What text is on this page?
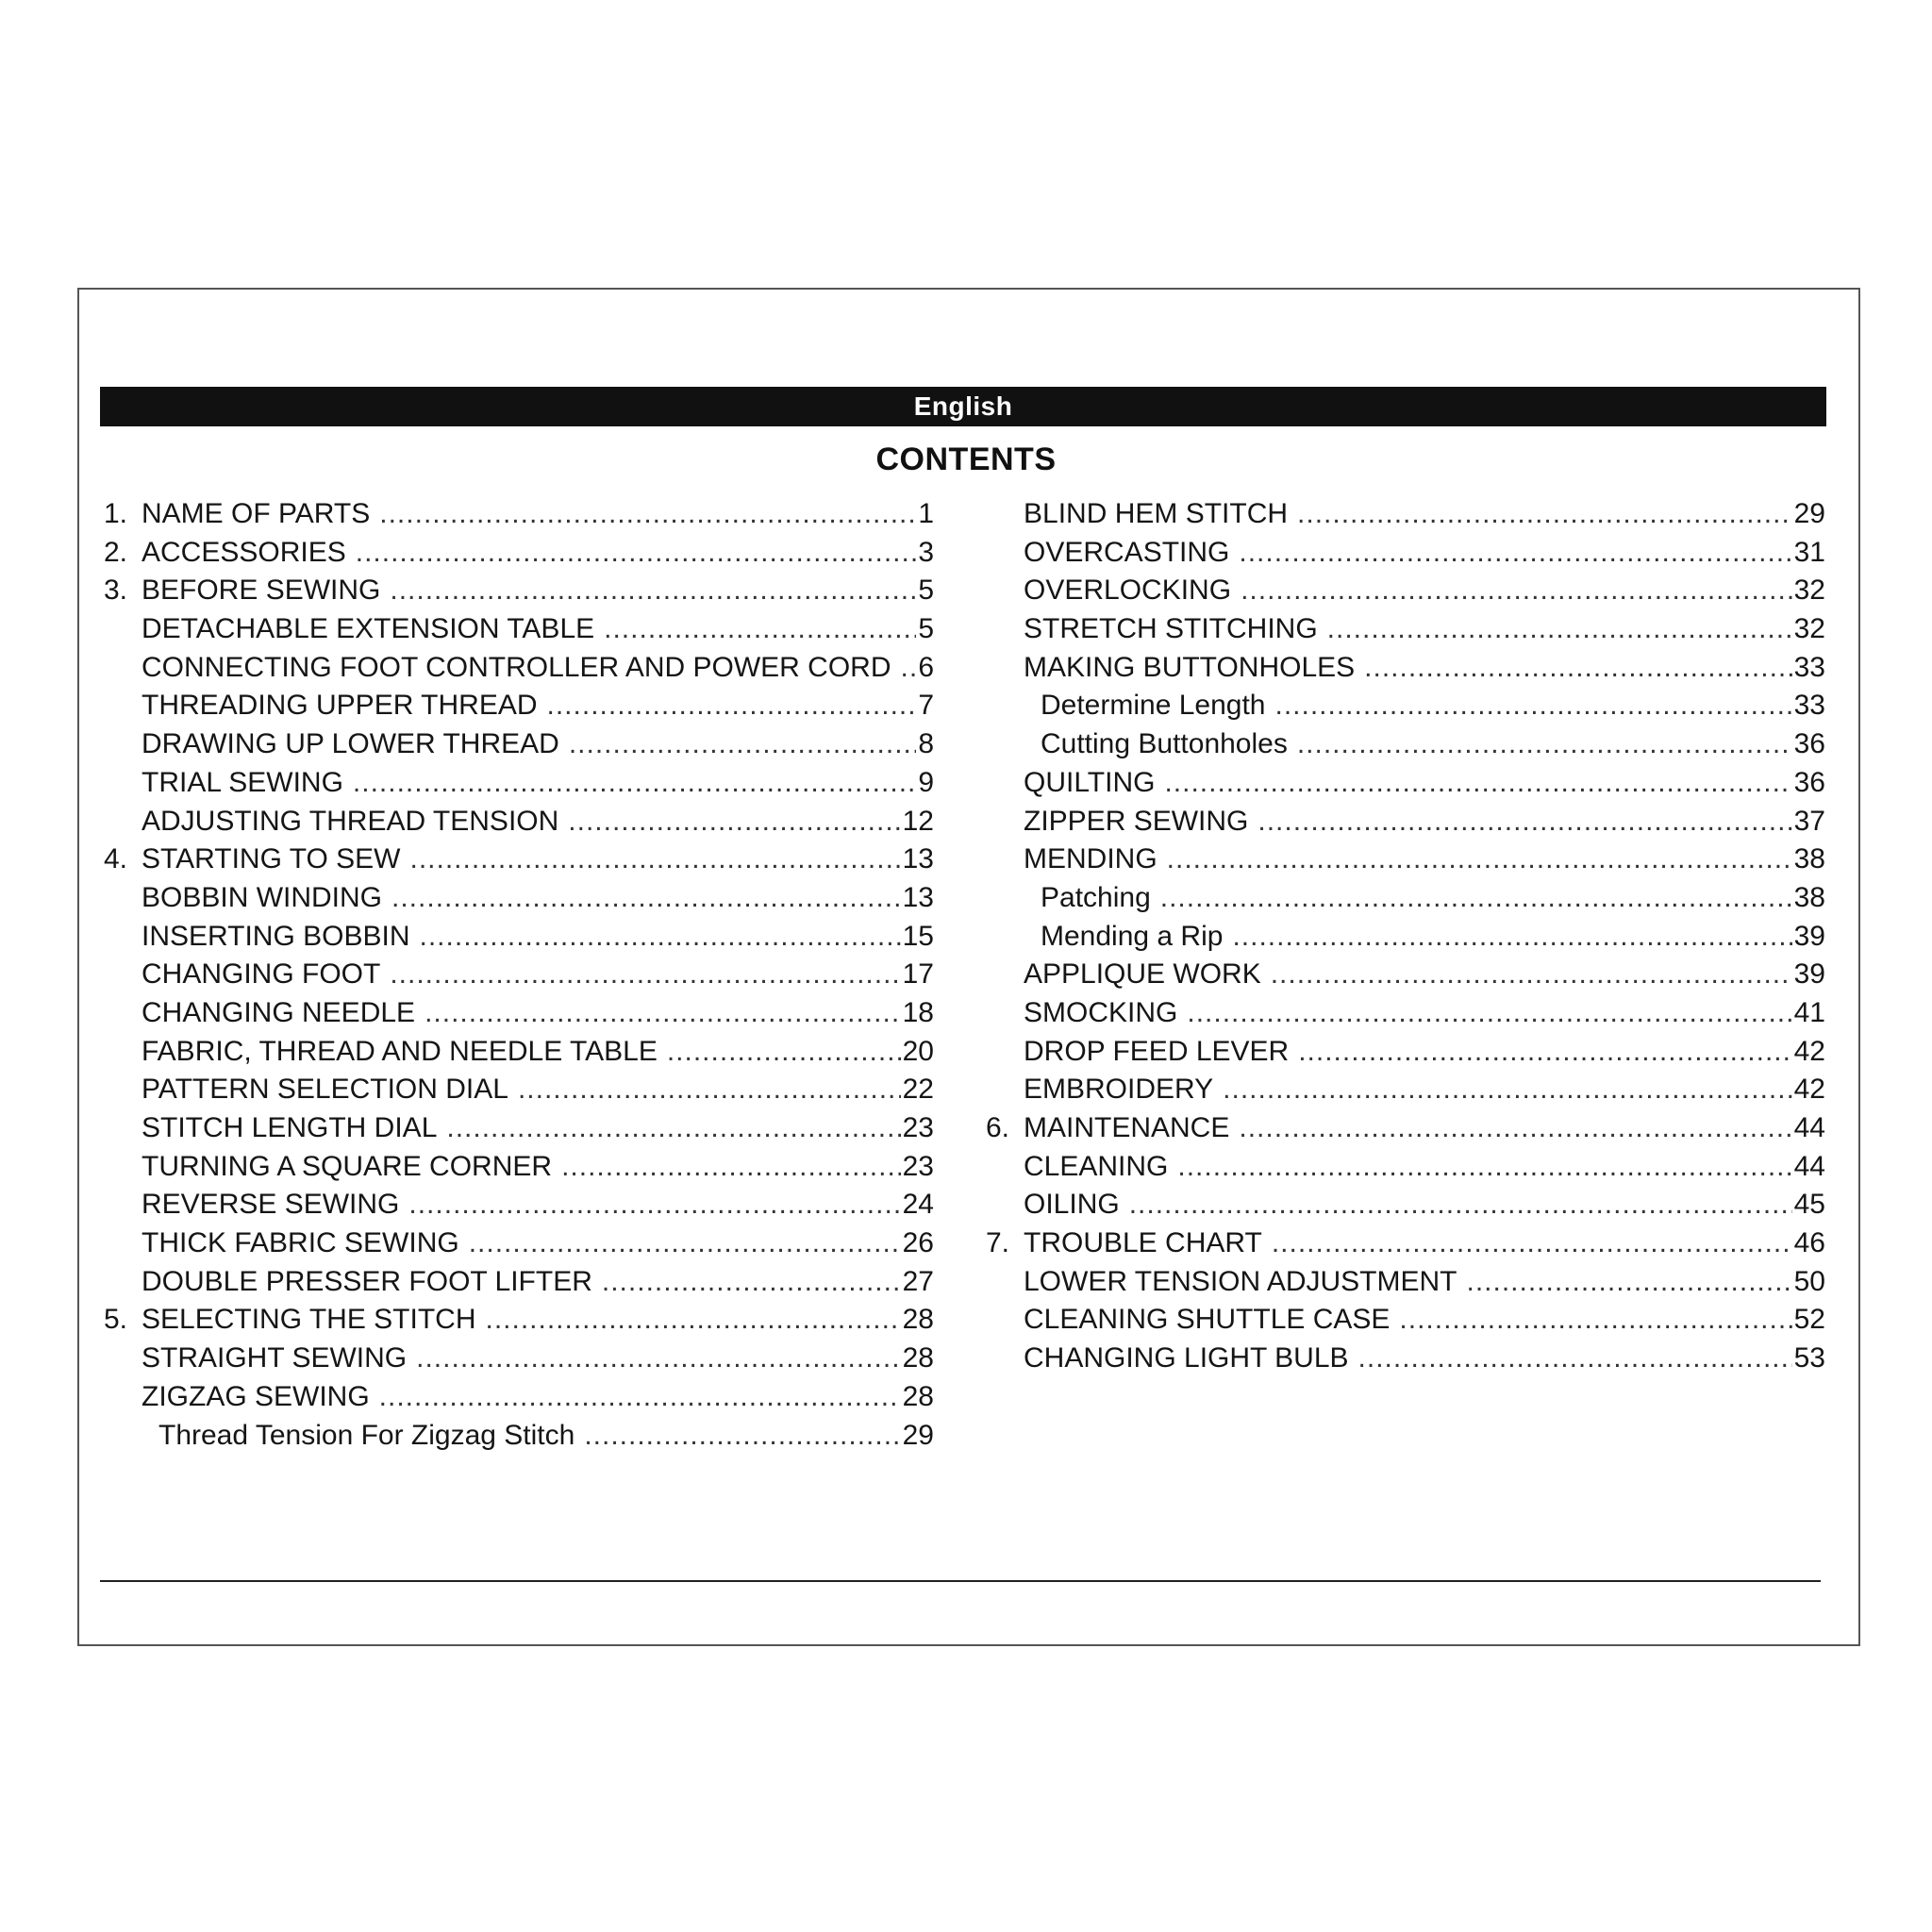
English
CONTENTS
1. NAME OF PARTS .....	1
2. ACCESSORIES .....	3
3. BEFORE SEWING .....	5
DETACHABLE EXTENSION TABLE .....	5
CONNECTING FOOT CONTROLLER AND POWER CORD ..... 6
THREADING UPPER THREAD .....	7
DRAWING UP LOWER THREAD .....	8
TRIAL SEWING .....	9
ADJUSTING THREAD TENSION .....	12
4. STARTING TO SEW .....	13
BOBBIN WINDING .....	13
INSERTING BOBBIN .....	15
CHANGING FOOT .....	17
CHANGING NEEDLE .....	18
FABRIC, THREAD AND NEEDLE TABLE .....	20
PATTERN SELECTION DIAL .....	22
STITCH LENGTH DIAL .....	23
TURNING A SQUARE CORNER .....	23
REVERSE SEWING .....	24
THICK FABRIC SEWING .....	26
DOUBLE PRESSER FOOT LIFTER .....	27
5. SELECTING THE STITCH .....	28
STRAIGHT SEWING .....	28
ZIGZAG SEWING .....	28
Thread Tension For Zigzag Stitch .....	29
BLIND HEM STITCH .....	29
OVERCASTING .....	31
OVERLOCKING .....	32
STRETCH STITCHING .....	32
MAKING BUTTONHOLES .....	33
Determine Length .....	33
Cutting Buttonholes .....	36
QUILTING .....	36
ZIPPER SEWING .....	37
MENDING .....	38
Patching .....	38
Mending a Rip .....	39
APPLIQUE WORK .....	39
SMOCKING .....	41
DROP FEED LEVER .....	42
EMBROIDERY .....	42
6. MAINTENANCE .....	44
CLEANING .....	44
OILING .....	45
7. TROUBLE CHART .....	46
LOWER TENSION ADJUSTMENT .....	50
CLEANING SHUTTLE CASE .....	52
CHANGING LIGHT BULB .....	53
